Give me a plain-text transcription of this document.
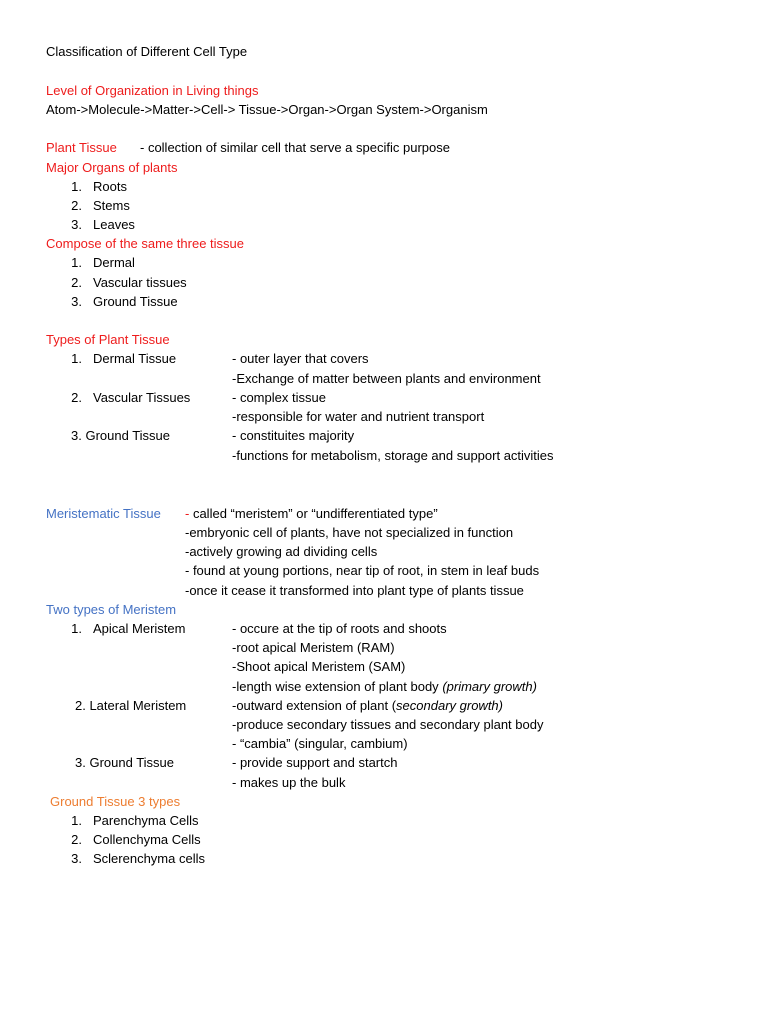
Classification of Different Cell Type
Level of Organization in Living things
Atom->Molecule->Matter->Cell-> Tissue->Organ->Organ System->Organism
Plant Tissue - collection of similar cell that serve a specific purpose
Major Organs of plants
1. Roots
2. Stems
3. Leaves
Compose of the same three tissue
1. Dermal
2. Vascular tissues
3. Ground Tissue
Types of Plant Tissue
1. Dermal Tissue	- outer layer that covers
-Exchange of matter between plants and environment
2. Vascular Tissues	- complex tissue
-responsible for water and nutrient transport
3. Ground Tissue	- constituites majority
-functions for metabolism, storage and support activities
Meristematic Tissue - called “meristem” or “undifferentiated type”
-embryonic cell of plants, have not specialized in function
-actively growing ad dividing cells
- found at young portions, near tip of root, in stem in leaf buds
-once it cease it transformed into plant type of plants tissue
Two types of Meristem
1. Apical Meristem	- occure at the tip of roots and shoots
-root apical Meristem (RAM)
-Shoot apical Meristem (SAM)
-length wise extension of plant body (primary growth)
2. Lateral Meristem	-outward extension of plant (secondary growth)
-produce secondary tissues and secondary plant body
- “cambia” (singular, cambium)
3. Ground Tissue	- provide support and startch
- makes up the bulk
Ground Tissue 3 types
1. Parenchyma Cells
2. Collenchyma Cells
3. Sclerenchyma cells
